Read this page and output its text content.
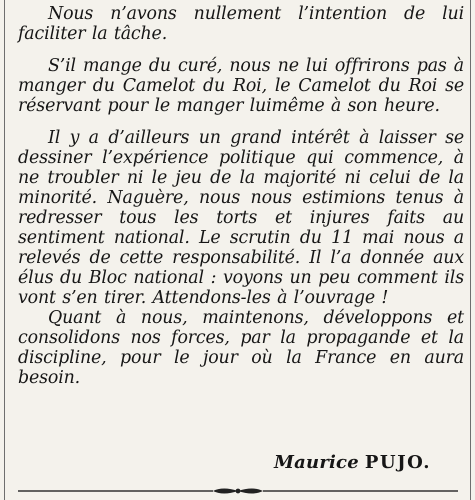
Nous n’avons nullement l’intention de lui faciliter la tâche.

S’il mange du curé, nous ne lui offrirons pas à manger du Camelot du Roi, le Camelot du Roi se réservant pour le manger luimême à son heure.

Il y a d’ailleurs un grand intérêt à laisser se dessiner l’expérience politique qui commence, à ne troubler ni le jeu de la majorité ni celui de la minorité. Naguère, nous nous estimions tenus à redresser tous les torts et injures faits au sentiment national. Le scrutin du 11 mai nous a relevés de cette responsabilité. Il l’a donnée aux élus du Bloc national : voyons un peu comment ils vont s’en tirer. Attendons-les à l’ouvrage !

Quant à nous, maintenons, développons et consolidons nos forces, par la propagande et la discipline, pour le jour où la France en aura besoin.

Maurice PUJO.
